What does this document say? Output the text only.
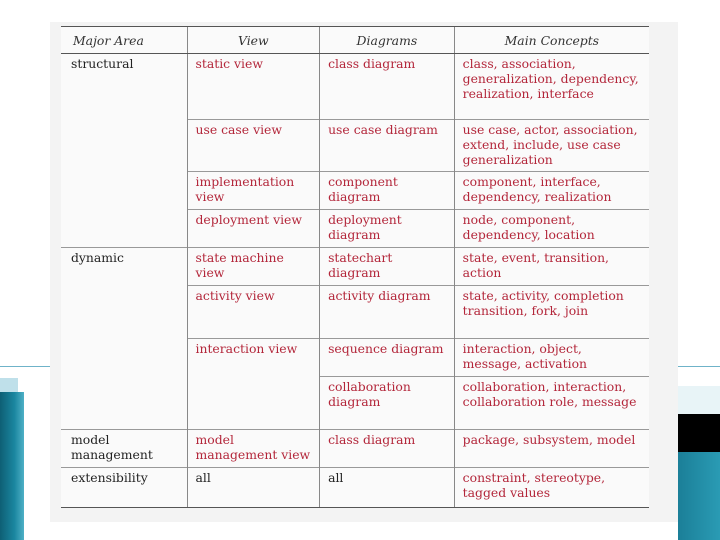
Major Area	View	Diagrams	Main Concepts
structural	static view	class diagram	class, association, generalization, dependency, realization, interface
	use case view	use case diagram	use case, actor, association, extend, include, use case generalization
	implementation view	component diagram	component, interface, dependency, realization
	deployment view	deployment diagram	node, component, dependency, location
dynamic	state machine view	statechart diagram	state, event, transition, action
	activity view	activity diagram	state, activity, completion transition, fork, join
	interaction view	sequence diagram	interaction, object, message, activation
		collaboration diagram	collaboration, interaction, collaboration role, message
model management	model management view	class diagram	package, subsystem, model
extensibility	all	all	constraint, stereotype, tagged values
